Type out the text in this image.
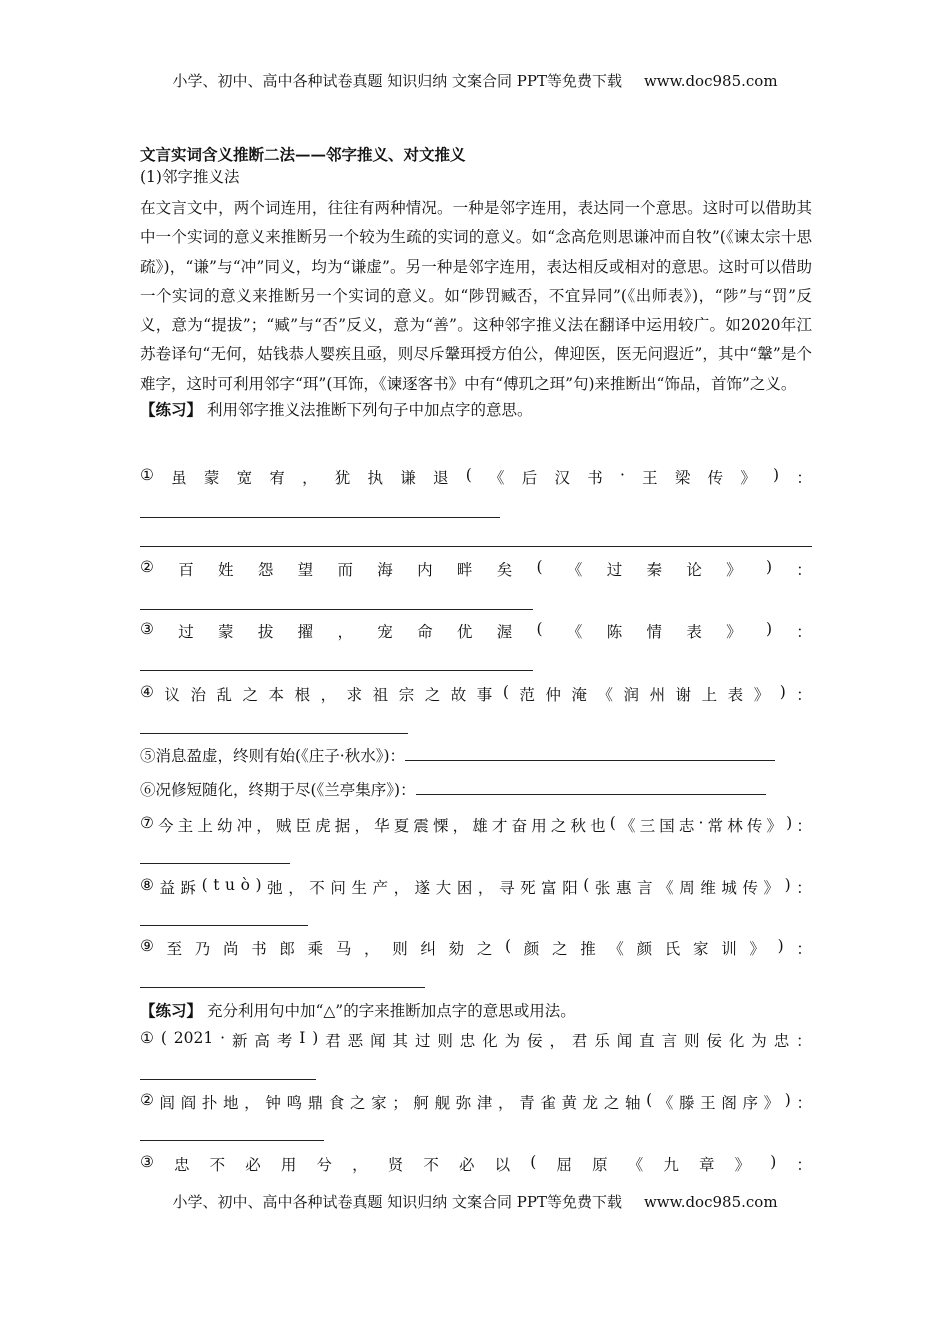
小学、初中、高中各种试卷真题 知识归纳 文案合同 PPT等免费下载 www.doc985.com

文言实词含义推断二法——邻字推义、对文推义

(1)邻字推义法

在文言文中，两个词连用，往往有两种情况。一种是邻字连用，表达同一个意思。这时可以借助其中一个实词的意义来推断另一个较为生疏的实词的意义。如“念高危则思谦冲而自牧”(《谏太宗十思疏》)，“谦”与“冲”同义，均为“谦虚”。另一种是邻字连用，表达相反或相对的意思。这时可以借助一个实词的意义来推断另一个实词的意义。如“陟罚臧否，不宜异同”(《出师表》)，“陟”与“罚”反义，意为“提拔”；“臧”与“否”反义，意为“善”。这种邻字推义法在翻译中运用较广。如2020年江苏卷译句“无何，姑钱恭人婴疾且亟，则尽斥鞶珥授方伯公，俾迎医，医无问遐近”，其中“鞶”是个难字，这时可利用邻字“珥”(耳饰，《谏逐客书》中有“傅玑之珥”句)来推断出“饰品，首饰”之义。

【练习】 利用邻字推义法推断下列句子中加点字的意思。

① 虽 蒙 宽 宥 ， 犹 执 谦 退 ( 《 后 汉 书 · 王 梁 传 》 ) ：
② 百 姓 怨 望 而 海 内 畔 矣 ( 《 过 秦 论 》 ) ：
③ 过 蒙 拔 擢 ， 宠 命 优 渥 ( 《 陈 情 表 》 ) ：
④ 议 治 乱 之 本 根 ， 求 祖 宗 之 故 事 ( 范 仲 淹 《 润 州 谢 上 表 》 ) ：
⑤消息盈虚，终则有始(《庄子·秋水》)：
⑥况修短随化，终期于尽(《兰亭集序》)：
⑦ 今 主 上 幼 冲 ， 贼 臣 虎 据 ， 华 夏 震 慄 ， 雄 才 奋 用 之 秋 也 ( 《 三 国 志 · 常 林 传 》 ) ：
⑧ 益 跅 ( t u ò ) 弛 ， 不 问 生 产 ， 遂 大 困 ， 寻 死 富 阳 ( 张 惠 言 《 周 维 城 传 》 ) ：
⑨ 至 乃 尚 书 郎 乘 马 ， 则 纠 劾 之 ( 颜 之 推 《 颜 氏 家 训 》 ) ：
【练习】 充分利用句中加“△”的字来推断加点字的意思或用法。
① ( 2021 · 新 高 考 Ⅰ ) 君 恶 闻 其 过 则 忠 化 为 佞 ， 君 乐 闻 直 言 则 佞 化 为 忠 ：
② 闾 阎 扑 地 ， 钟 鸣 鼎 食 之 家 ； 舸 舰 弥 津 ， 青 雀 黄 龙 之 轴 ( 《 滕 王 阁 序 》 ) ：
③ 忠 不 必 用 兮 ， 贤 不 必 以 ( 屈 原 《 九 章 》 ) ：
小学、初中、高中各种试卷真题 知识归纳 文案合同 PPT等免费下载 www.doc985.com
